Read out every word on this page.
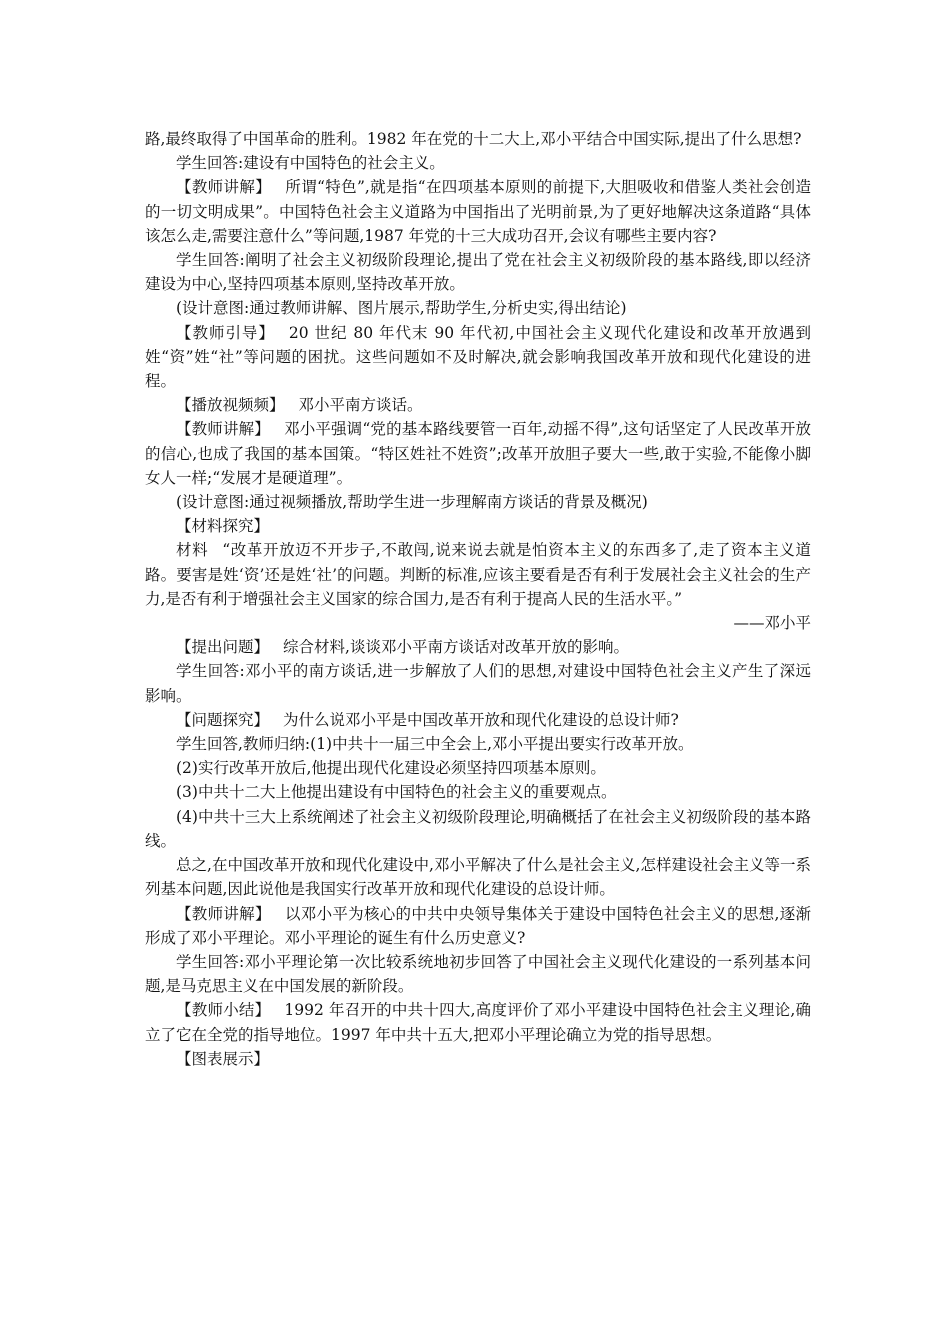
路,最终取得了中国革命的胜利。1982 年在党的十二大上,邓小平结合中国实际,提出了什么思想?

学生回答:建设有中国特色的社会主义。

【教师讲解】 所谓“特色”,就是指“在四项基本原则的前提下,大胆吸收和借鉴人类社会创造的一切文明成果”。中国特色社会主义道路为中国指出了光明前景,为了更好地解决这条道路“具体该怎么走,需要注意什么”等问题,1987 年党的十三大成功召开,会议有哪些主要内容?

学生回答:阐明了社会主义初级阶段理论,提出了党在社会主义初级阶段的基本路线,即以经济建设为中心,坚持四项基本原则,坚持改革开放。

(设计意图:通过教师讲解、图片展示,帮助学生,分析史实,得出结论)

【教师引导】 20 世纪 80 年代末 90 年代初,中国社会主义现代化建设和改革开放遇到姓“资”姓“社”等问题的困扰。这些问题如不及时解决,就会影响我国改革开放和现代化建设的进程。

【播放视频频】 邓小平南方谈话。

【教师讲解】 邓小平强调“党的基本路线要管一百年,动摇不得”,这句话坚定了人民改革开放的信心,也成了我国的基本国策。“特区姓社不姓资”;改革开放胆子要大一些,敢于实验,不能像小脚女人一样;“发展才是硬道理”。

(设计意图:通过视频播放,帮助学生进一步理解南方谈话的背景及概况)

【材料探究】

材料 “改革开放迈不开步子,不敢闯,说来说去就是怕资本主义的东西多了,走了资本主义道路。要害是姓‘资’还是姓‘社’的问题。判断的标准,应该主要看是否有利于发展社会主义社会的生产力,是否有利于增强社会主义国家的综合国力,是否有利于提高人民的生活水平。”

——邓小平

【提出问题】 综合材料,谈谈邓小平南方谈话对改革开放的影响。

学生回答:邓小平的南方谈话,进一步解放了人们的思想,对建设中国特色社会主义产生了深远影响。

【问题探究】 为什么说邓小平是中国改革开放和现代化建设的总设计师?

学生回答,教师归纳:(1)中共十一届三中全会上,邓小平提出要实行改革开放。

(2)实行改革开放后,他提出现代化建设必须坚持四项基本原则。

(3)中共十二大上他提出建设有中国特色的社会主义的重要观点。

(4)中共十三大上系统阐述了社会主义初级阶段理论,明确概括了在社会主义初级阶段的基本路线。

总之,在中国改革开放和现代化建设中,邓小平解决了什么是社会主义,怎样建设社会主义等一系列基本问题,因此说他是我国实行改革开放和现代化建设的总设计师。

【教师讲解】 以邓小平为核心的中共中央领导集体关于建设中国特色社会主义的思想,逐渐形成了邓小平理论。邓小平理论的诞生有什么历史意义?

学生回答:邓小平理论第一次比较系统地初步回答了中国社会主义现代化建设的一系列基本问题,是马克思主义在中国发展的新阶段。

【教师小结】 1992 年召开的中共十四大,高度评价了邓小平建设中国特色社会主义理论,确立了它在全党的指导地位。1997 年中共十五大,把邓小平理论确立为党的指导思想。

【图表展示】
